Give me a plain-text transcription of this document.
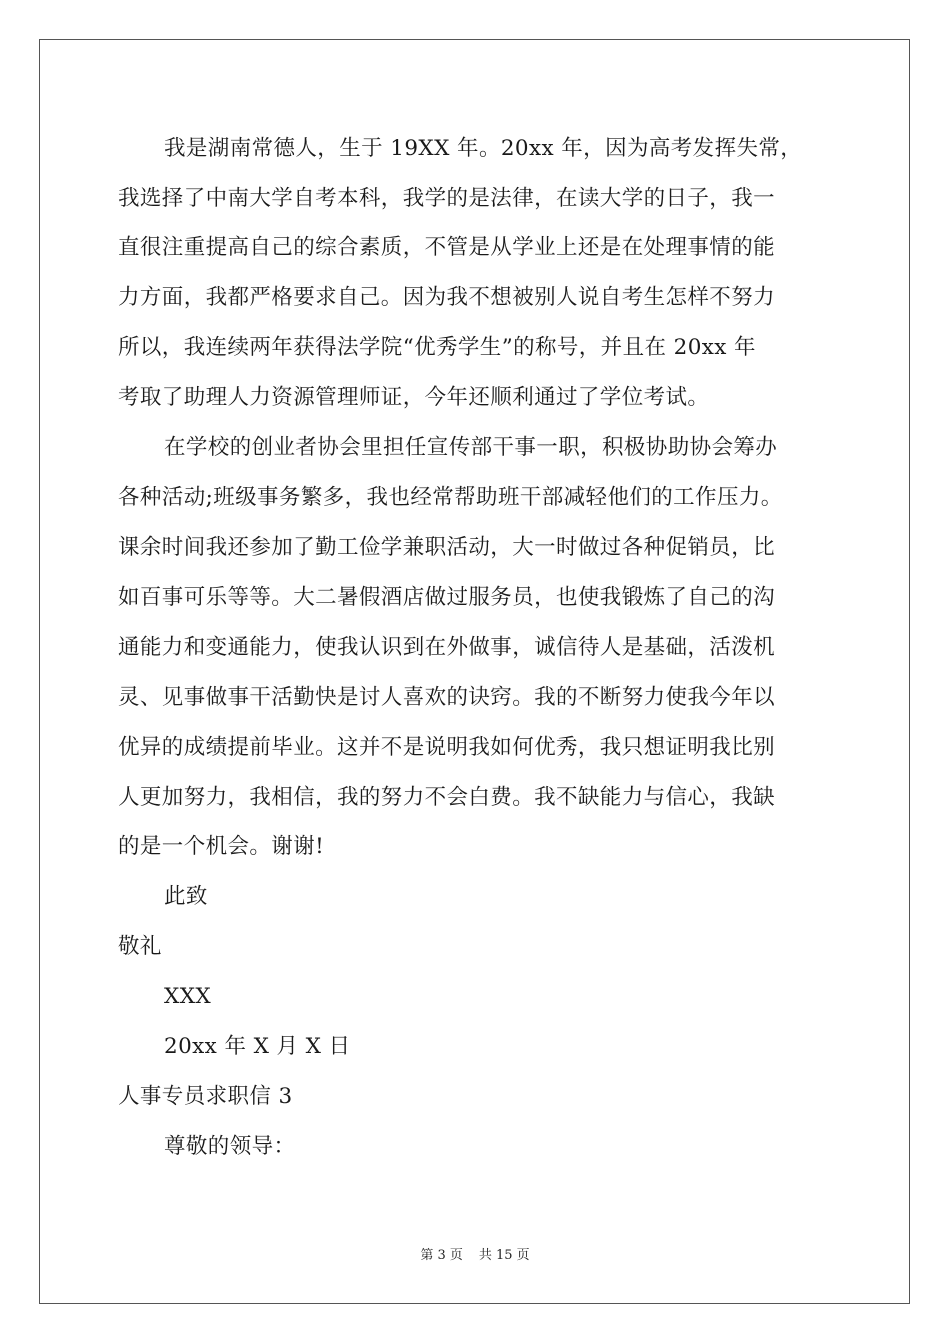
我是湖南常德人，生于 19XX 年。20xx 年，因为高考发挥失常，
我选择了中南大学自考本科，我学的是法律，在读大学的日子，我一
直很注重提高自己的综合素质，不管是从学业上还是在处理事情的能
力方面，我都严格要求自己。因为我不想被别人说自考生怎样不努力
所以，我连续两年获得法学院“优秀学生”的称号，并且在 20xx 年
考取了助理人力资源管理师证，今年还顺利通过了学位考试。
在学校的创业者协会里担任宣传部干事一职，积极协助协会筹办
各种活动;班级事务繁多，我也经常帮助班干部减轻他们的工作压力。
课余时间我还参加了勤工俭学兼职活动，大一时做过各种促销员，比
如百事可乐等等。大二暑假酒店做过服务员，也使我锻炼了自己的沟
通能力和变通能力，使我认识到在外做事，诚信待人是基础，活泼机
灵、见事做事干活勤快是讨人喜欢的诀窍。我的不断努力使我今年以
优异的成绩提前毕业。这并不是说明我如何优秀，我只想证明我比别
人更加努力，我相信，我的努力不会白费。我不缺能力与信心，我缺
的是一个机会。谢谢!
此致
敬礼
XXX
20xx 年 X 月 X 日
人事专员求职信 3
尊敬的领导：
第 3 页 共 15 页
